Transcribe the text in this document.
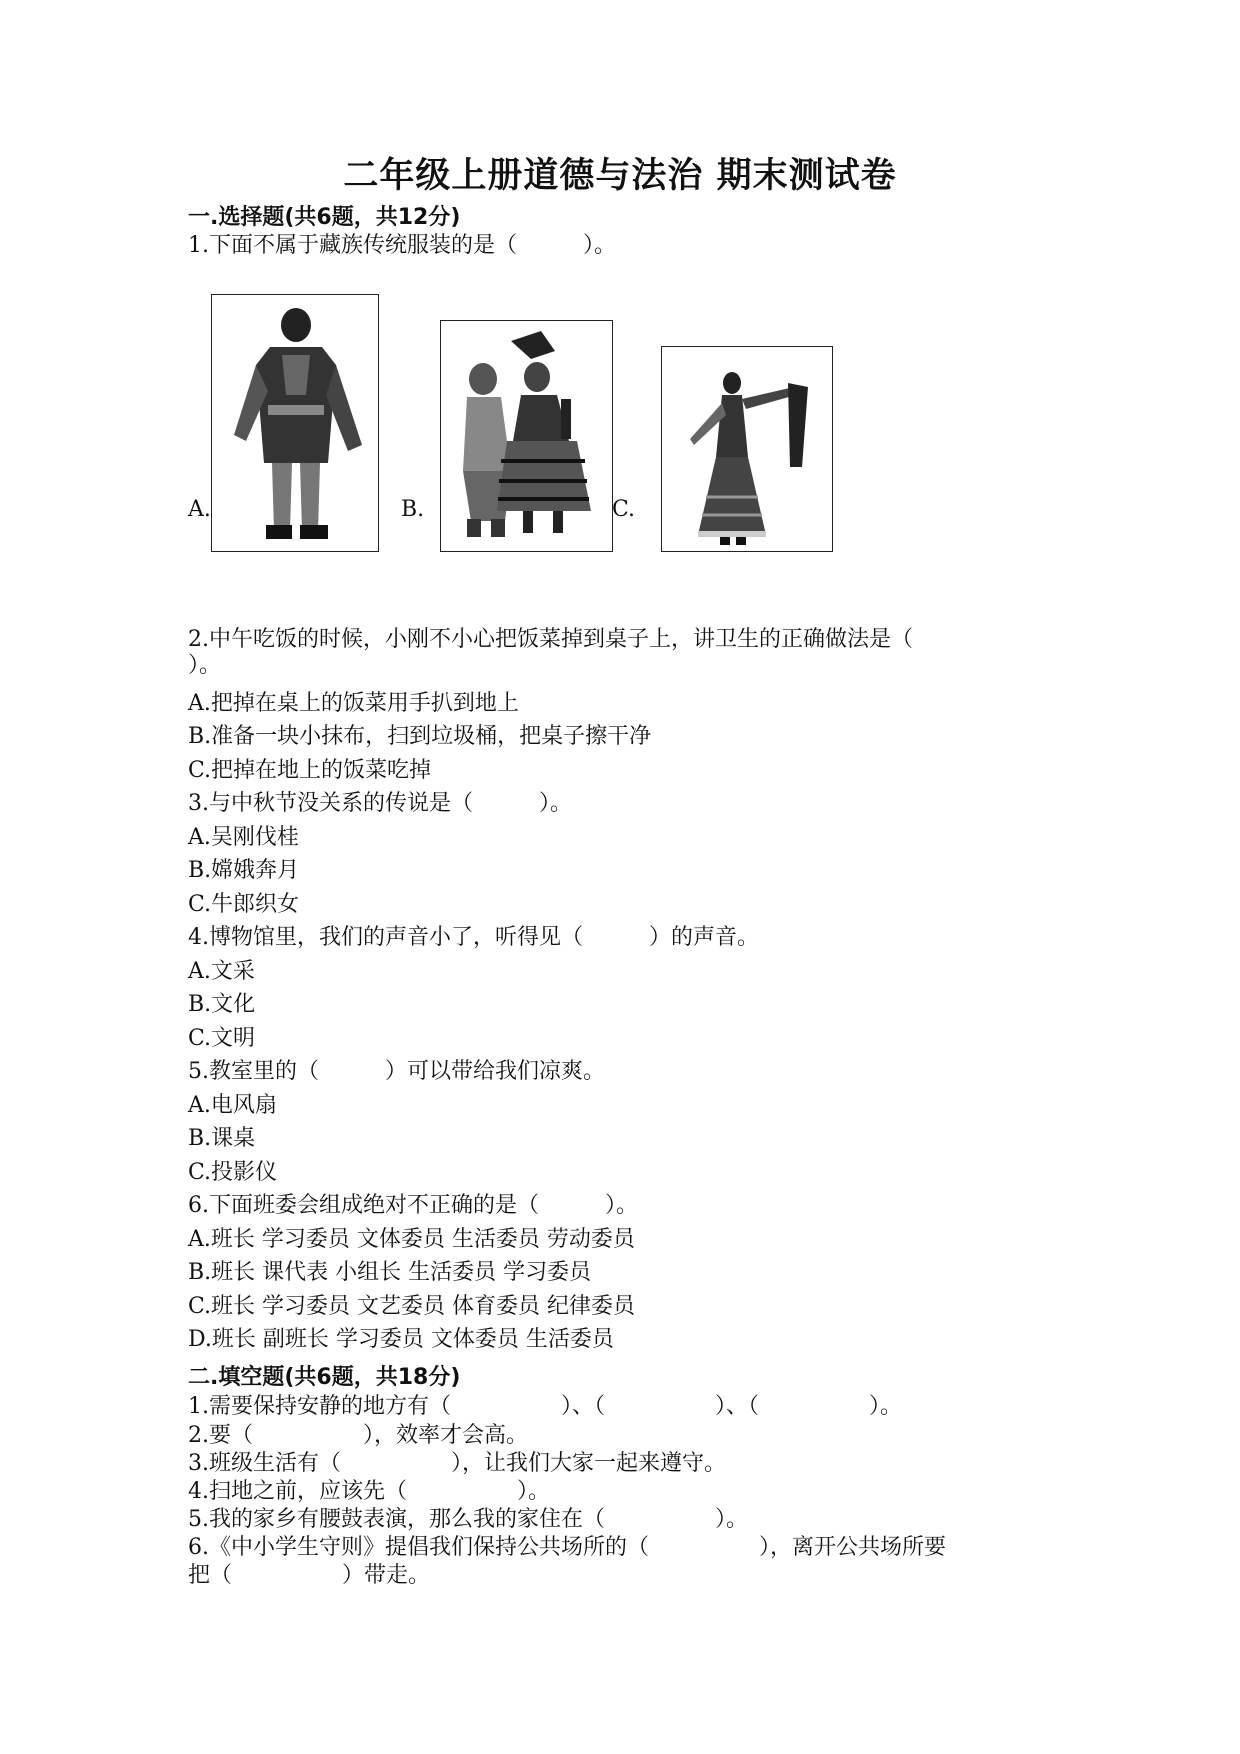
二年级上册道德与法治 期末测试卷
一.选择题(共6题，共12分)
1.下面不属于藏族传统服装的是（　　　）。
A.	B.	C.
2.中午吃饭的时候，小刚不小心把饭菜掉到桌子上，讲卫生的正确做法是（
）。
A.把掉在桌上的饭菜用手扒到地上
B.准备一块小抹布，扫到垃圾桶，把桌子擦干净
C.把掉在地上的饭菜吃掉
3.与中秋节没关系的传说是（　　　）。
A.吴刚伐桂
B.嫦娥奔月
C.牛郎织女
4.博物馆里，我们的声音小了，听得见（　　　）的声音。
A.文采
B.文化
C.文明
5.教室里的（　　　）可以带给我们凉爽。
A.电风扇
B.课桌
C.投影仪
6.下面班委会组成绝对不正确的是（　　　）。
A.班长 学习委员 文体委员 生活委员 劳动委员
B.班长 课代表 小组长 生活委员 学习委员
C.班长 学习委员 文艺委员 体育委员 纪律委员
D.班长 副班长 学习委员 文体委员 生活委员
二.填空题(共6题，共18分)
1.需要保持安静的地方有（　　　　　）、（　　　　　）、（　　　　　）。
2.要（　　　　　），效率才会高。
3.班级生活有（　　　　　），让我们大家一起来遵守。
4.扫地之前，应该先（　　　　　）。
5.我的家乡有腰鼓表演，那么我的家住在（　　　　　）。
6.《中小学生守则》提倡我们保持公共场所的（　　　　　），离开公共场所要
把（　　　　　）带走。
